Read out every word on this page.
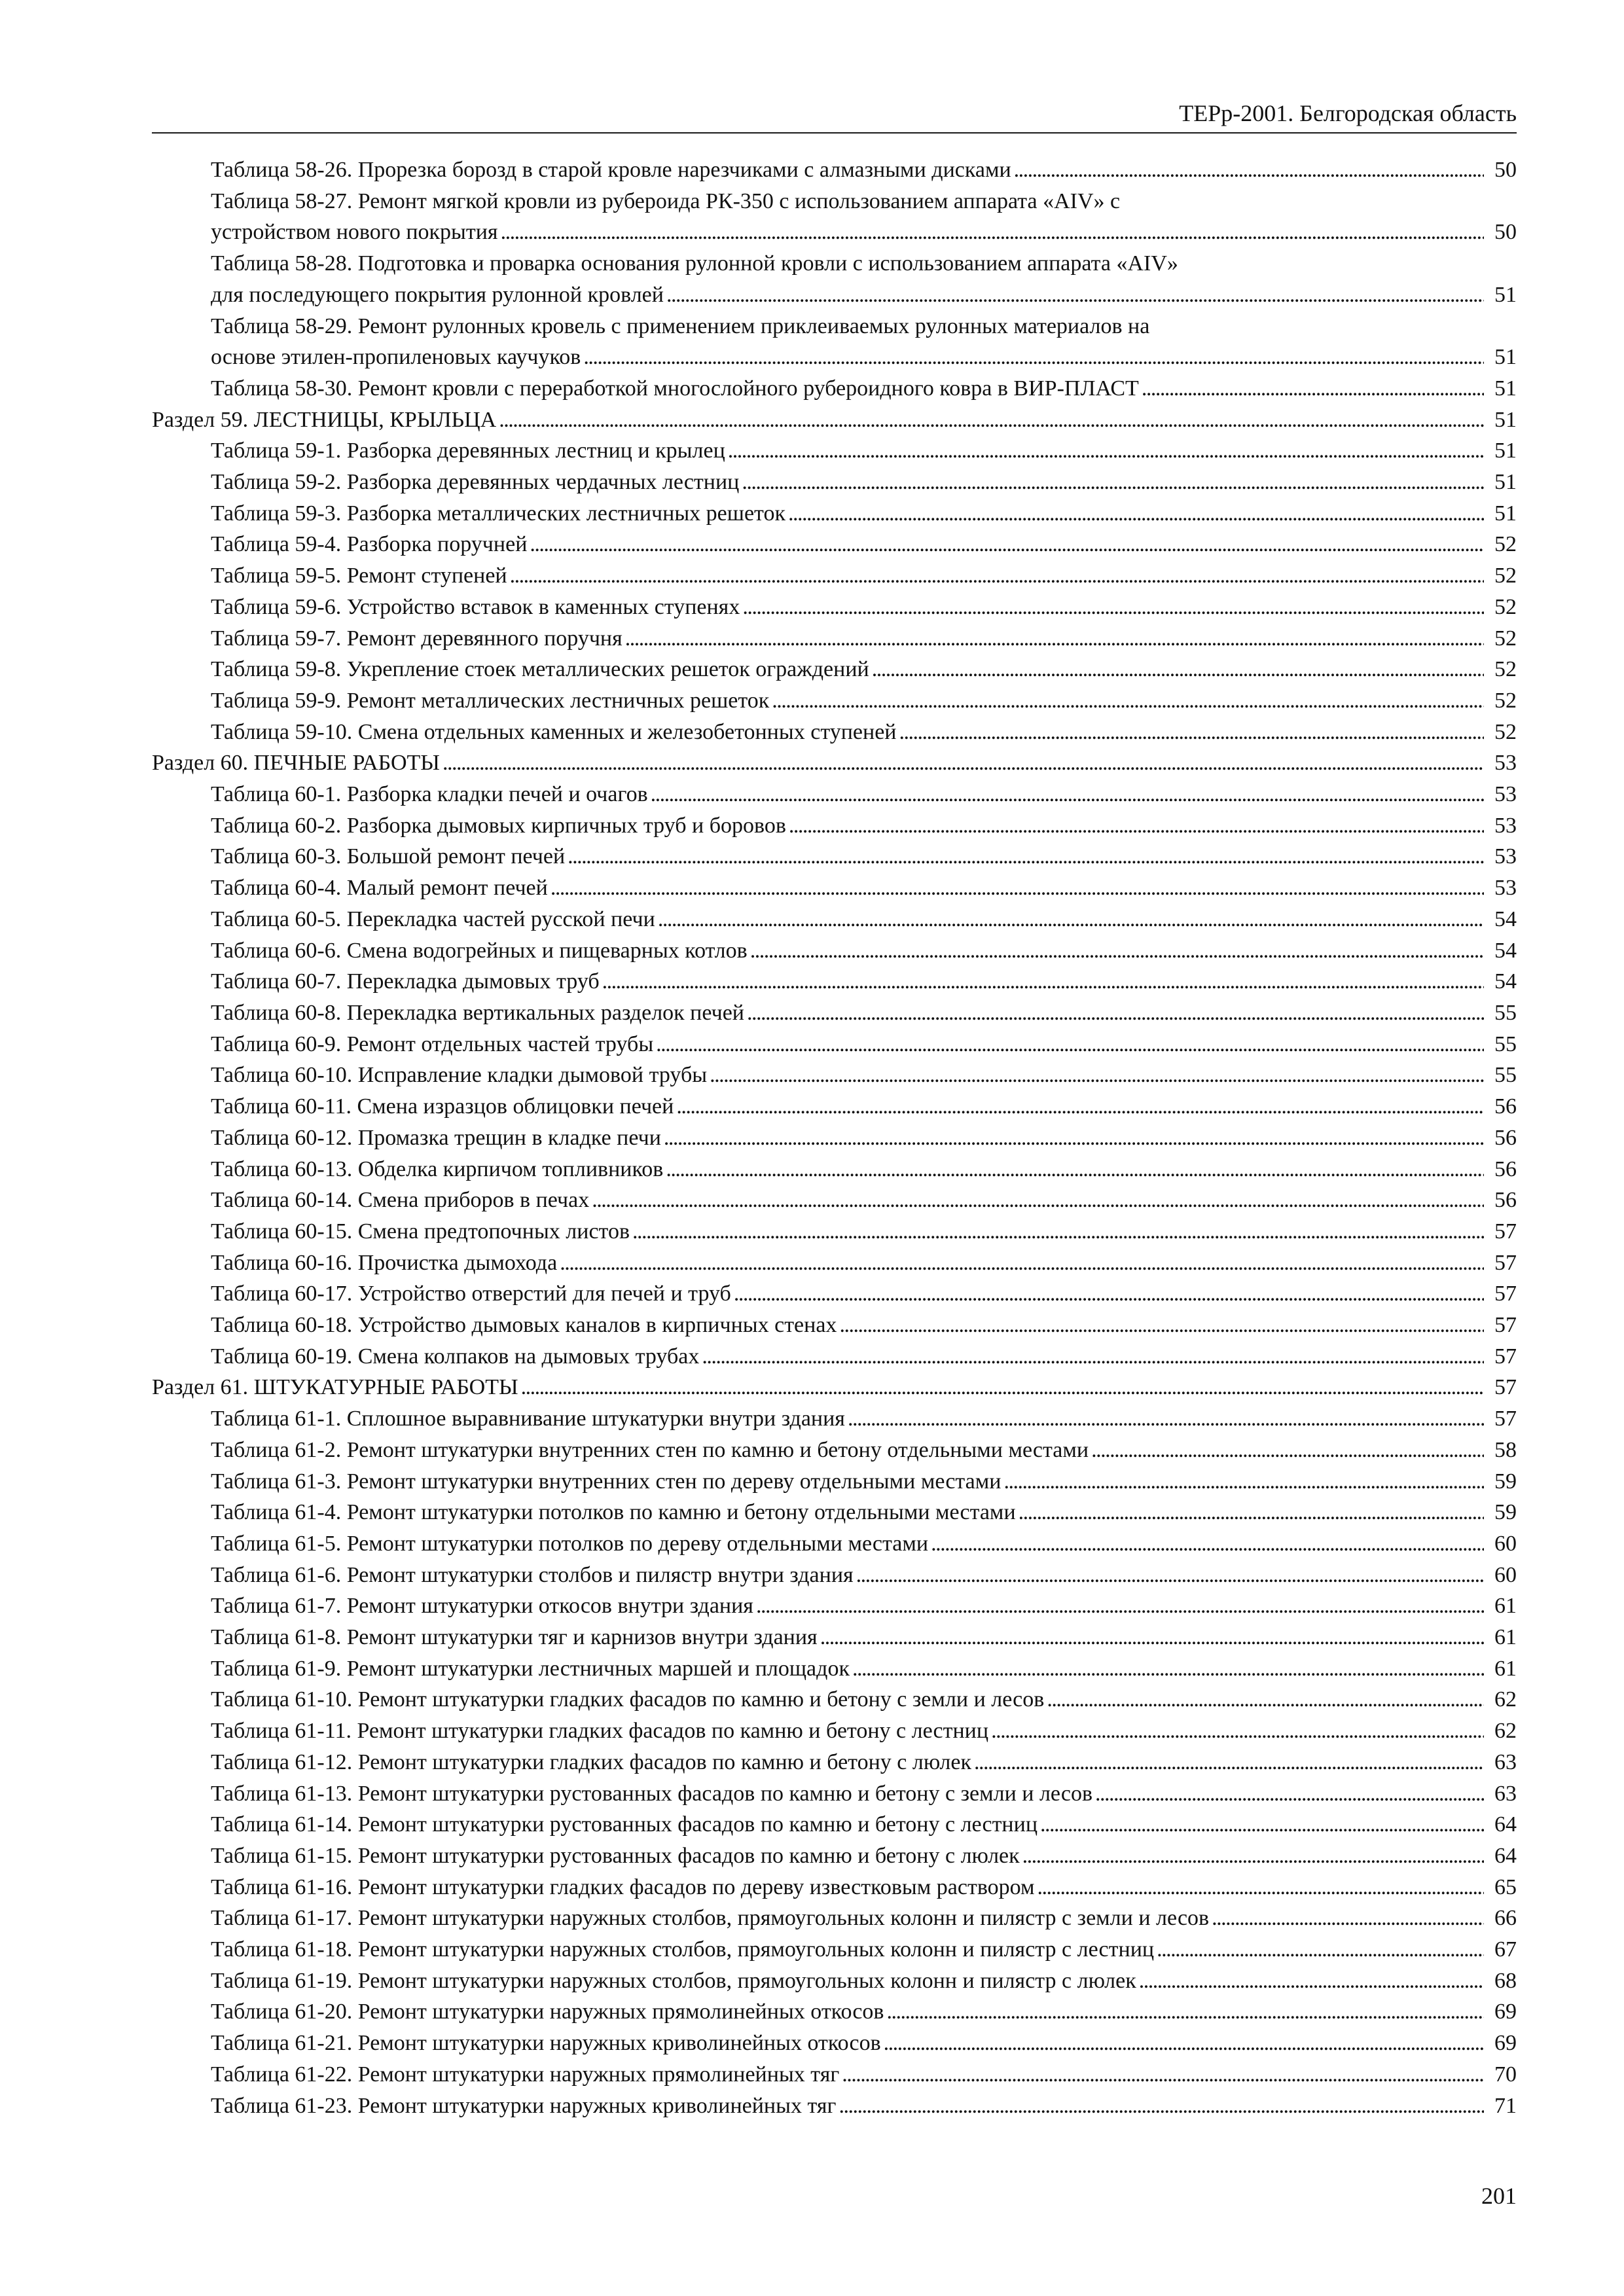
ТЕРр-2001. Белгородская область
Таблица 58-26. Прорезка борозд в старой кровле нарезчиками с алмазными дисками . . .	50
Таблица 58-27. Ремонт мягкой кровли из рубероида РК-350 с использованием аппарата «AIV» с
устройством нового покрытия . . .	50
Таблица 58-28. Подготовка и проварка основания рулонной кровли с использованием аппарата «AIV»
для последующего покрытия рулонной кровлей . . .	51
Таблица 58-29. Ремонт рулонных кровель с применением приклеиваемых рулонных материалов на
основе этилен-пропиленовых каучуков . . .	51
Таблица 58-30. Ремонт кровли с переработкой многослойного рубероидного ковра в ВИР-ПЛАСТ . . .	51
Раздел 59. ЛЕСТНИЦЫ, КРЫЛЬЦА . . .	51
Таблица 59-1. Разборка деревянных лестниц и крылец . . .	51
Таблица 59-2. Разборка деревянных чердачных лестниц . . .	51
Таблица 59-3. Разборка металлических лестничных решеток . . .	51
Таблица 59-4. Разборка поручней . . .	52
Таблица 59-5. Ремонт ступеней . . .	52
Таблица 59-6. Устройство вставок в каменных ступенях . . .	52
Таблица 59-7. Ремонт деревянного поручня . . .	52
Таблица 59-8. Укрепление стоек металлических решеток ограждений . . .	52
Таблица 59-9. Ремонт металлических лестничных решеток . . .	52
Таблица 59-10. Смена отдельных каменных и железобетонных ступеней . . .	52
Раздел 60. ПЕЧНЫЕ РАБОТЫ . . .	53
Таблица 60-1. Разборка кладки печей и очагов . . .	53
Таблица 60-2. Разборка дымовых кирпичных труб и боровов . . .	53
Таблица 60-3. Большой ремонт печей . . .	53
Таблица 60-4. Малый ремонт печей . . .	53
Таблица 60-5. Перекладка частей русской печи . . .	54
Таблица 60-6. Смена водогрейных и пищеварных котлов . . .	54
Таблица 60-7. Перекладка дымовых труб . . .	54
Таблица 60-8. Перекладка вертикальных разделок печей . . .	55
Таблица 60-9. Ремонт отдельных частей трубы . . .	55
Таблица 60-10. Исправление кладки дымовой трубы . . .	55
Таблица 60-11. Смена изразцов облицовки печей . . .	56
Таблица 60-12. Промазка трещин в кладке печи . . .	56
Таблица 60-13. Обделка кирпичом топливников . . .	56
Таблица 60-14. Смена приборов в печах . . .	56
Таблица 60-15. Смена предтопочных листов . . .	57
Таблица 60-16. Прочистка дымохода . . .	57
Таблица 60-17. Устройство отверстий для печей и труб . . .	57
Таблица 60-18. Устройство дымовых каналов в кирпичных стенах . . .	57
Таблица 60-19. Смена колпаков на дымовых трубах . . .	57
Раздел 61. ШТУКАТУРНЫЕ РАБОТЫ . . .	57
Таблица 61-1. Сплошное выравнивание штукатурки внутри здания . . .	57
Таблица 61-2. Ремонт штукатурки внутренних стен по камню и бетону отдельными местами . . .	58
Таблица 61-3. Ремонт штукатурки внутренних стен по дереву отдельными местами . . .	59
Таблица 61-4. Ремонт штукатурки потолков по камню и бетону отдельными местами . . .	59
Таблица 61-5. Ремонт штукатурки потолков по дереву отдельными местами . . .	60
Таблица 61-6. Ремонт штукатурки столбов и пилястр внутри здания . . .	60
Таблица 61-7. Ремонт штукатурки откосов внутри здания . . .	61
Таблица 61-8. Ремонт штукатурки тяг и карнизов внутри здания . . .	61
Таблица 61-9. Ремонт штукатурки лестничных маршей и площадок . . .	61
Таблица 61-10. Ремонт штукатурки гладких фасадов по камню и бетону с земли и лесов . . .	62
Таблица 61-11. Ремонт штукатурки гладких фасадов по камню и бетону с лестниц . . .	62
Таблица 61-12. Ремонт штукатурки гладких фасадов по камню и бетону с люлек . . .	63
Таблица 61-13. Ремонт штукатурки рустованных фасадов по камню и бетону с земли и лесов . . .	63
Таблица 61-14. Ремонт штукатурки рустованных фасадов по камню и бетону с лестниц . . .	64
Таблица 61-15. Ремонт штукатурки рустованных фасадов по камню и бетону с люлек . . .	64
Таблица 61-16. Ремонт штукатурки гладких фасадов по дереву известковым раствором . . .	65
Таблица 61-17. Ремонт штукатурки наружных столбов, прямоугольных колонн и пилястр с земли и лесов . . .	66
Таблица 61-18. Ремонт штукатурки наружных столбов, прямоугольных колонн и пилястр с лестниц . . .	67
Таблица 61-19. Ремонт штукатурки наружных столбов, прямоугольных колонн и пилястр с люлек . . .	68
Таблица 61-20. Ремонт штукатурки наружных прямолинейных откосов . . .	69
Таблица 61-21. Ремонт штукатурки наружных криволинейных откосов . . .	69
Таблица 61-22. Ремонт штукатурки наружных прямолинейных тяг . . .	70
Таблица 61-23. Ремонт штукатурки наружных криволинейных тяг . . .	71
201
